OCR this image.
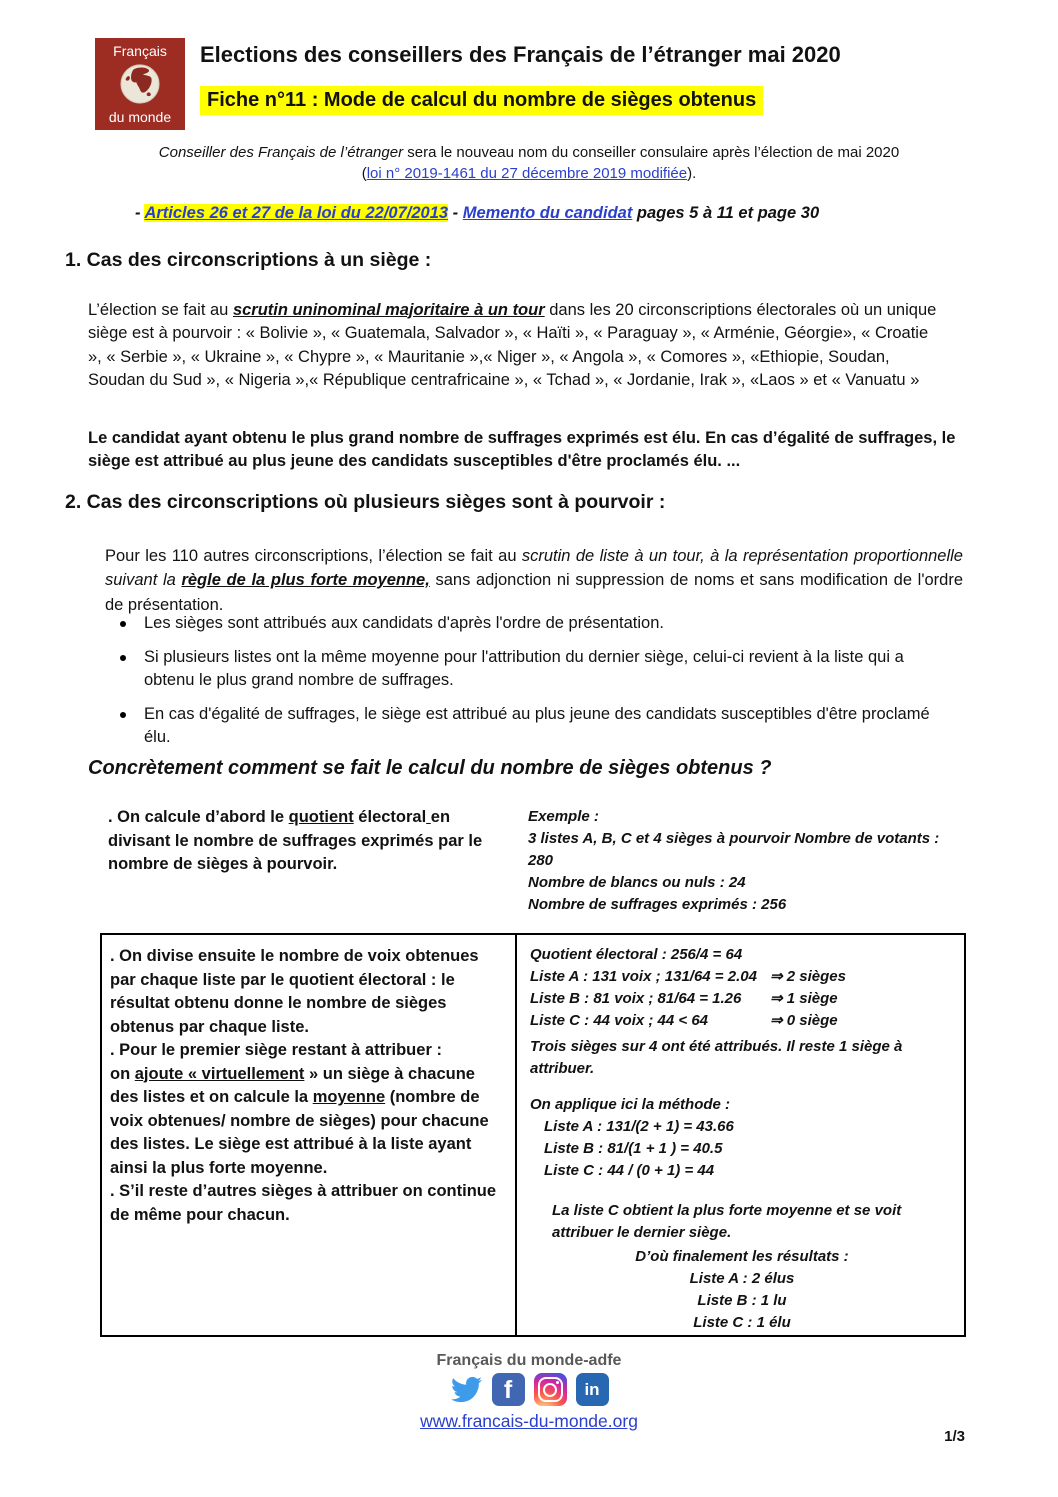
Français
du monde
Elections des conseillers des Français de l’étranger mai 2020
Fiche n°11 : Mode de calcul du nombre de sièges obtenus
Conseiller des Français de l’étranger sera le nouveau nom du conseiller consulaire après l’élection de mai 2020
(loi n° 2019-1461 du 27 décembre 2019 modifiée).
- Articles 26 et 27 de la loi du 22/07/2013 - Memento du candidat pages 5 à 11 et page 30
1. Cas des circonscriptions à un siège :

L’élection se fait au scrutin uninominal majoritaire à un tour dans les 20 circonscriptions électorales où un unique siège est à pourvoir : « Bolivie », « Guatemala, Salvador », « Haïti », « Paraguay », « Arménie, Géorgie», « Croatie », « Serbie », « Ukraine », « Chypre », « Mauritanie »,« Niger », « Angola », « Comores », «Ethiopie, Soudan, Soudan du Sud », « Nigeria »,« République centrafricaine », « Tchad », « Jordanie, Irak », «Laos » et « Vanuatu »

Le candidat ayant obtenu le plus grand nombre de suffrages exprimés est élu. En cas d’égalité de suffrages, le siège est attribué au plus jeune des candidats susceptibles d'être proclamés élu. ...

2. Cas des circonscriptions où plusieurs sièges sont à pourvoir :

Pour les 110 autres circonscriptions, l’élection se fait au scrutin de liste à un tour, à la représentation proportionnelle suivant la règle de la plus forte moyenne, sans adjonction ni suppression de noms et sans modification de l'ordre de présentation.

Les sièges sont attribués aux candidats d'après l'ordre de présentation.
Si plusieurs listes ont la même moyenne pour l'attribution du dernier siège, celui-ci revient à la liste qui a obtenu le plus grand nombre de suffrages.
En cas d'égalité de suffrages, le siège est attribué au plus jeune des candidats susceptibles d'être proclamé élu.
Concrètement comment se fait le calcul du nombre de sièges obtenus ?
. On calcule d’abord le quotient électoral en divisant le nombre de suffrages exprimés par le nombre de sièges à pourvoir.
Exemple :
3 listes A, B, C et 4 sièges à pourvoir Nombre de votants :
280
Nombre de blancs ou nuls : 24
Nombre de suffrages exprimés : 256

. On divise ensuite le nombre de voix obtenues par chaque liste par le quotient électoral : le résultat obtenu donne le nombre de sièges obtenus par chaque liste.

. Pour le premier siège restant à attribuer :
on ajoute « virtuellement » un siège à chacune des listes et on calcule la moyenne (nombre de voix obtenues/ nombre de sièges) pour chacune des listes. Le siège est attribué à la liste ayant ainsi la plus forte moyenne.

. S’il reste d’autres sièges à attribuer on continue de même pour chacun.

Quotient électoral : 256/4 = 64
Liste A : 131 voix ; 131/64 = 2.04 ⇒ 2 sièges
Liste B : 81 voix ; 81/64 = 1.26	⇒ 1 siège
Liste C : 44 voix ; 44 < 64	⇒ 0 siège
Trois sièges sur 4 ont été attribués. Il reste 1 siège à attribuer.
On applique ici la méthode :
Liste A : 131/(2 + 1) = 43.66
Liste B : 81/(1 + 1 ) = 40.5
Liste C : 44 / (0 + 1) = 44
La liste C obtient la plus forte moyenne et se voit attribuer le dernier siège.
D’où finalement les résultats :
Liste A : 2 élus
Liste B : 1 lu
Liste C : 1 élu
Français du monde-adfe
f	in
www.francais-du-monde.org
1/3
